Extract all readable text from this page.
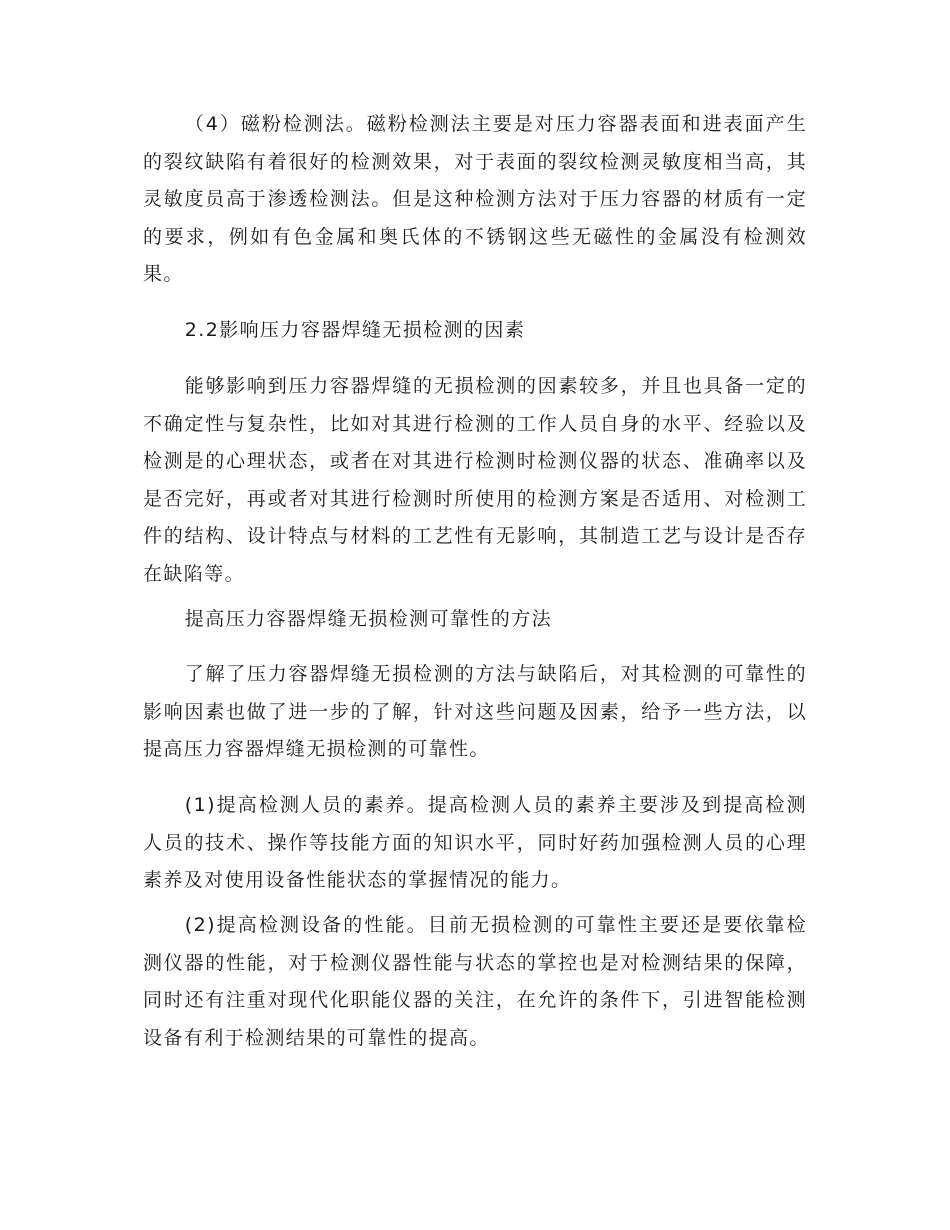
（4）磁粉检测法。磁粉检测法主要是对压力容器表面和进表面产生的裂纹缺陷有着很好的检测效果，对于表面的裂纹检测灵敏度相当高，其灵敏度员高于渗透检测法。但是这种检测方法对于压力容器的材质有一定的要求，例如有色金属和奥氏体的不锈钢这些无磁性的金属没有检测效果。

2.2影响压力容器焊缝无损检测的因素

能够影响到压力容器焊缝的无损检测的因素较多，并且也具备一定的不确定性与复杂性，比如对其进行检测的工作人员自身的水平、经验以及检测是的心理状态，或者在对其进行检测时检测仪器的状态、准确率以及是否完好，再或者对其进行检测时所使用的检测方案是否适用、对检测工件的结构、设计特点与材料的工艺性有无影响，其制造工艺与设计是否存在缺陷等。

提高压力容器焊缝无损检测可靠性的方法

了解了压力容器焊缝无损检测的方法与缺陷后，对其检测的可靠性的影响因素也做了进一步的了解，针对这些问题及因素，给予一些方法，以提高压力容器焊缝无损检测的可靠性。

(1)提高检测人员的素养。提高检测人员的素养主要涉及到提高检测人员的技术、操作等技能方面的知识水平，同时好药加强检测人员的心理素养及对使用设备性能状态的掌握情况的能力。

(2)提高检测设备的性能。目前无损检测的可靠性主要还是要依靠检测仪器的性能，对于检测仪器性能与状态的掌控也是对检测结果的保障，同时还有注重对现代化职能仪器的关注，在允许的条件下，引进智能检测设备有利于检测结果的可靠性的提高。
